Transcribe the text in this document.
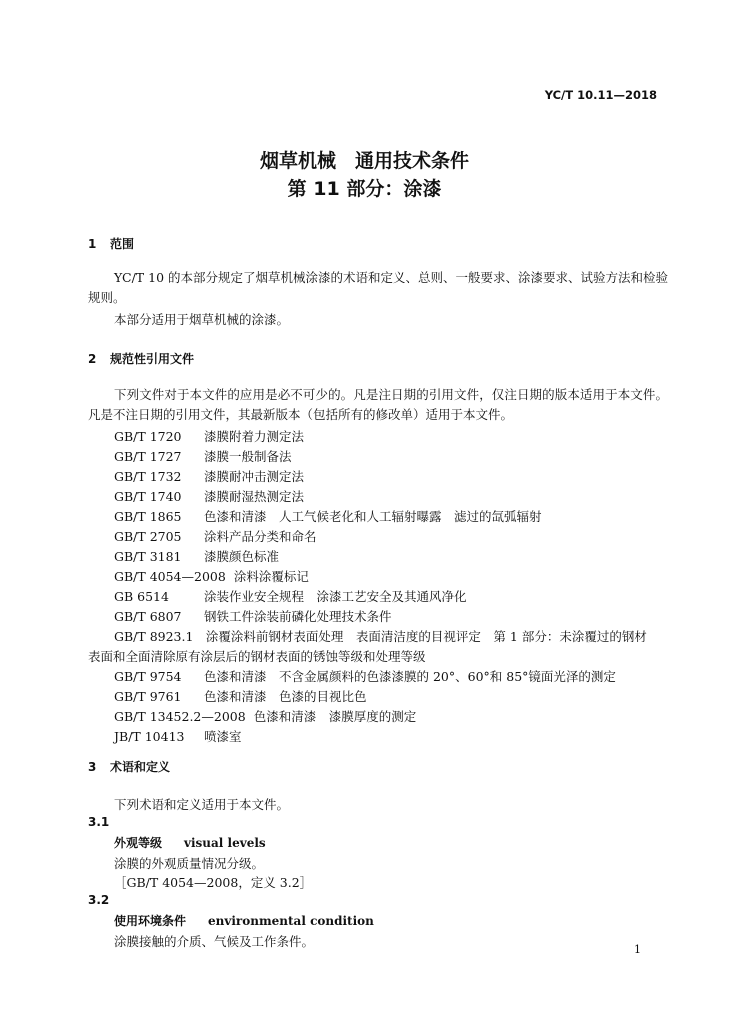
YC/T 10.11—2018
烟草机械　通用技术条件
第 11 部分：涂漆
1 范围
YC/T 10 的本部分规定了烟草机械涂漆的术语和定义、总则、一般要求、涂漆要求、试验方法和检验规则。
本部分适用于烟草机械的涂漆。
2 规范性引用文件
下列文件对于本文件的应用是必不可少的。凡是注日期的引用文件，仅注日期的版本适用于本文件。凡是不注日期的引用文件，其最新版本（包括所有的修改单）适用于本文件。
GB/T 1720 漆膜附着力测定法
GB/T 1727 漆膜一般制备法
GB/T 1732 漆膜耐冲击测定法
GB/T 1740 漆膜耐湿热测定法
GB/T 1865 色漆和清漆　人工气候老化和人工辐射曝露　滤过的氙弧辐射
GB/T 2705 涂料产品分类和命名
GB/T 3181 漆膜颜色标准
GB/T 4054—2008 涂料涂覆标记
GB 6514	涂装作业安全规程　涂漆工艺安全及其通风净化
GB/T 6807 钢铁工件涂装前磷化处理技术条件
GB/T 8923.1　涂覆涂料前钢材表面处理　表面清洁度的目视评定　第 1 部分：未涂覆过的钢材
表面和全面清除原有涂层后的钢材表面的锈蚀等级和处理等级
GB/T 9754 色漆和清漆　不含金属颜料的色漆漆膜的 20°、60°和 85°镜面光泽的测定
GB/T 9761 色漆和清漆　色漆的目视比色
GB/T 13452.2—2008 色漆和清漆　漆膜厚度的测定
JB/T 10413 喷漆室
3 术语和定义
下列术语和定义适用于本文件。
3.1
外观等级 visual levels
涂膜的外观质量情况分级。
［GB/T 4054—2008，定义 3.2］
3.2
使用环境条件 environmental condition
涂膜接触的介质、气候及工作条件。
1
